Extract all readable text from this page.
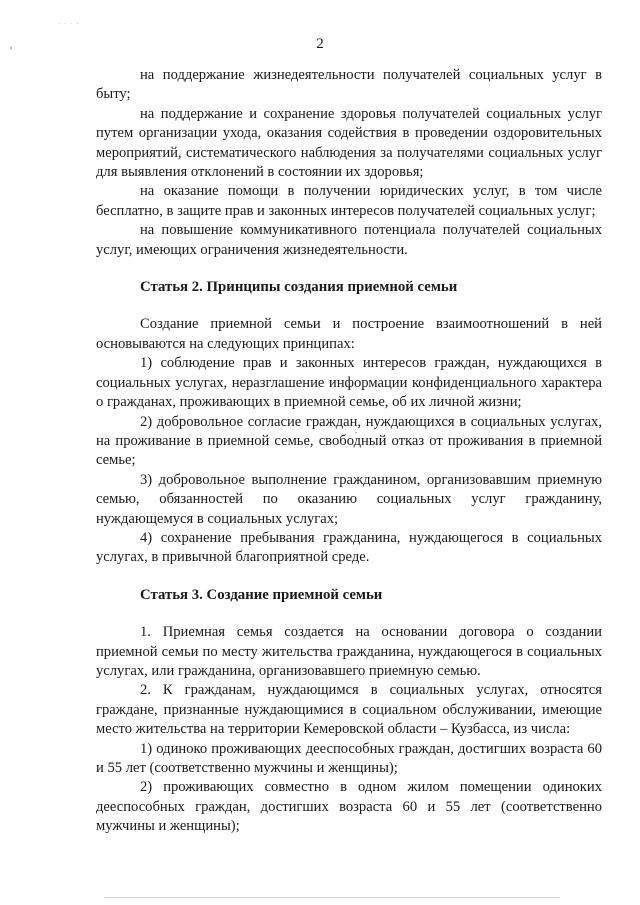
· · · ·
2

на поддержание жизнедеятельности получателей социальных услуг в быту;

на поддержание и сохранение здоровья получателей социальных услуг путем организации ухода, оказания содействия в проведении оздоровительных мероприятий, систематического наблюдения за получателями социальных услуг для выявления отклонений в состоянии их здоровья;

на оказание помощи в получении юридических услуг, в том числе бесплатно, в защите прав и законных интересов получателей социальных услуг;

на повышение коммуникативного потенциала получателей социальных услуг, имеющих ограничения жизнедеятельности.

Статья 2. Принципы создания приемной семьи

Создание приемной семьи и построение взаимоотношений в ней основываются на следующих принципах:

1) соблюдение прав и законных интересов граждан, нуждающихся в социальных услугах, неразглашение информации конфиденциального характера о гражданах, проживающих в приемной семье, об их личной жизни;

2) добровольное согласие граждан, нуждающихся в социальных услугах, на проживание в приемной семье, свободный отказ от проживания в приемной семье;

3) добровольное выполнение гражданином, организовавшим приемную семью, обязанностей по оказанию социальных услуг гражданину, нуждающемуся в социальных услугах;

4) сохранение пребывания гражданина, нуждающегося в социальных услугах, в привычной благоприятной среде.

Статья 3. Создание приемной семьи

1. Приемная семья создается на основании договора о создании приемной семьи по месту жительства гражданина, нуждающегося в социальных услугах, или гражданина, организовавшего приемную семью.

2. К гражданам, нуждающимся в социальных услугах, относятся граждане, признанные нуждающимися в социальном обслуживании, имеющие место жительства на территории Кемеровской области – Кузбасса, из числа:

1) одиноко проживающих дееспособных граждан, достигших возраста 60 и 55 лет (соответственно мужчины и женщины);

2) проживающих совместно в одном жилом помещении одиноких дееспособных граждан, достигших возраста 60 и 55 лет (соответственно мужчины и женщины);
